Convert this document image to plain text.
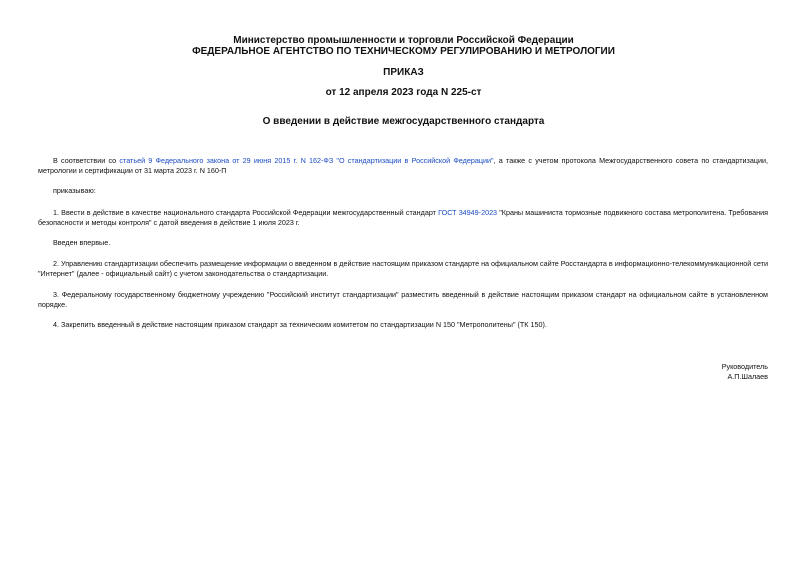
Министерство промышленности и торговли Российской Федерации
ФЕДЕРАЛЬНОЕ АГЕНТСТВО ПО ТЕХНИЧЕСКОМУ РЕГУЛИРОВАНИЮ И МЕТРОЛОГИИ
ПРИКАЗ
от 12 апреля 2023 года N 225-ст
О введении в действие межгосударственного стандарта
В соответствии со статьей 9 Федерального закона от 29 июня 2015 г. N 162-ФЗ "О стандартизации в Российской Федерации", а также с учетом протокола Межгосударственного совета по стандартизации, метрологии и сертификации от 31 марта 2023 г. N 160-П
приказываю:
1. Ввести в действие в качестве национального стандарта Российской Федерации межгосударственный стандарт ГОСТ 34949-2023 "Краны машиниста тормозные подвижного состава метрополитена. Требования безопасности и методы контроля" с датой введения в действие 1 июля 2023 г.
Введен впервые.
2. Управлению стандартизации обеспечить размещение информации о введенном в действие настоящим приказом стандарте на официальном сайте Росстандарта в информационно-телекоммуникационной сети "Интернет" (далее - официальный сайт) с учетом законодательства о стандартизации.
3. Федеральному государственному бюджетному учреждению "Российский институт стандартизации" разместить введенный в действие настоящим приказом стандарт на официальном сайте в установленном порядке.
4. Закрепить введенный в действие настоящим приказом стандарт за техническим комитетом по стандартизации N 150 "Метрополитены" (ТК 150).
Руководитель
А.П.Шалаев
